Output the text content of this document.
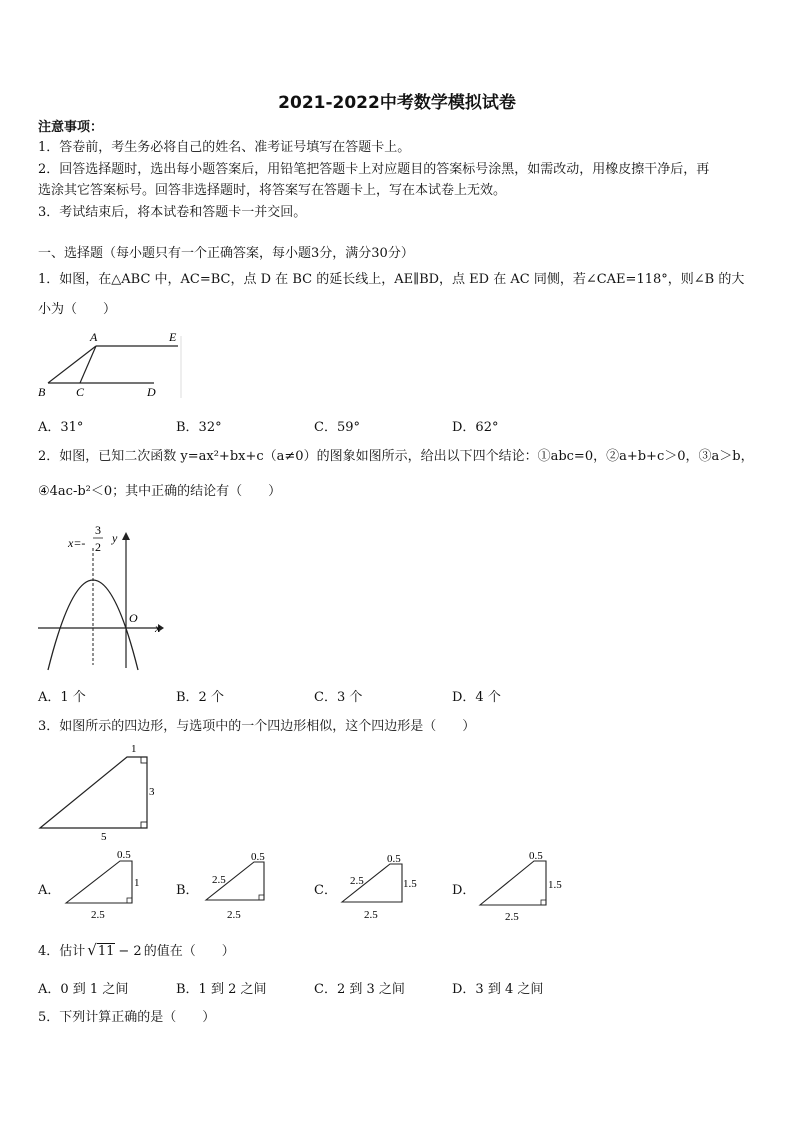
2021-2022中考数学模拟试卷
注意事项：
1．答卷前，考生务必将自己的姓名、准考证号填写在答题卡上。
2．回答选择题时，选出每小题答案后，用铅笔把答题卡上对应题目的答案标号涂黑，如需改动，用橡皮擦干净后，再
选涂其它答案标号。回答非选择题时，将答案写在答题卡上，写在本试卷上无效。
3．考试结束后，将本试卷和答题卡一并交回。
一、选择题（每小题只有一个正确答案，每小题3分，满分30分）
1．如图，在△ABC 中，AC=BC，点 D 在 BC 的延长线上，AE∥BD，点 ED 在 AC 同侧，若∠CAE=118°，则∠B 的大
小为（　　）
A	E
B	C	D
A．31°	B．32°	C．59°	D．62°
2．如图，已知二次函数 y=ax²+bx+c（a≠0）的图象如图所示，给出以下四个结论：①abc=0，②a+b+c＞0，③a＞b，
④4ac-b²＜0；其中正确的结论有（　　）
x=-
3
2
y
x
O
A．1 个	B．2 个	C．3 个	D．4 个
3．如图所示的四边形，与选项中的一个四边形相似，这个四边形是（　　）
1
3
5
A．
0.5
1
2.5
B．
0.5
2.5
2.5
C．
0.5
2.5	1.5
2.5
D．
0.5
1.5
2.5
4．估计 √11 − 2 的值在（　　）
A．0 到 1 之间	B．1 到 2 之间	C．2 到 3 之间	D．3 到 4 之间
5．下列计算正确的是（　　）
